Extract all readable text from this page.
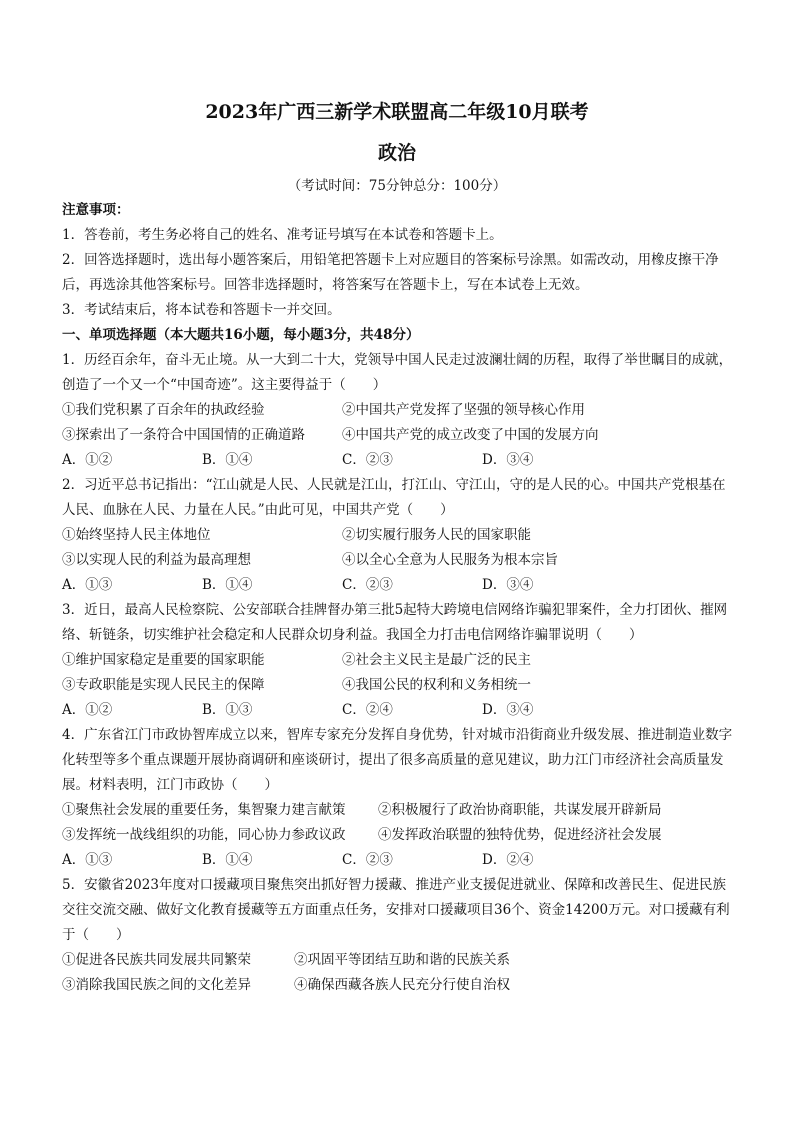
2023年广西三新学术联盟高二年级10月联考
政治
（考试时间：75分钟总分：100分）

注意事项：

1．答卷前，考生务必将自己的姓名、准考证号填写在本试卷和答题卡上。

2．回答选择题时，选出每小题答案后，用铅笔把答题卡上对应题目的答案标号涂黑。如需改动，用橡皮擦干净后，再选涂其他答案标号。回答非选择题时，将答案写在答题卡上，写在本试卷上无效。

3．考试结束后，将本试卷和答题卡一并交回。

一、单项选择题（本大题共16小题，每小题3分，共48分）

1．历经百余年，奋斗无止境。从一大到二十大，党领导中国人民走过波澜壮阔的历程，取得了举世瞩目的成就，创造了一个又一个“中国奇迹”。这主要得益于（　　）

①我们党积累了百余年的执政经验	②中国共产党发挥了坚强的领导核心作用
③探索出了一条符合中国国情的正确道路	④中国共产党的成立改变了中国的发展方向
A．①②	B．①④	C．②③	D．③④

2．习近平总书记指出：“江山就是人民、人民就是江山，打江山、守江山，守的是人民的心。中国共产党根基在人民、血脉在人民、力量在人民。”由此可见，中国共产党（　　）

①始终坚持人民主体地位	②切实履行服务人民的国家职能
③以实现人民的利益为最高理想	④以全心全意为人民服务为根本宗旨
A．①③	B．①④	C．②③	D．③④

3．近日，最高人民检察院、公安部联合挂牌督办第三批5起特大跨境电信网络诈骗犯罪案件，全力打团伙、摧网络、斩链条，切实维护社会稳定和人民群众切身利益。我国全力打击电信网络诈骗罪说明（　　）

①维护国家稳定是重要的国家职能	②社会主义民主是最广泛的民主
③专政职能是实现人民民主的保障	④我国公民的权利和义务相统一
A．①②	B．①③	C．②④	D．③④

4．广东省江门市政协智库成立以来，智库专家充分发挥自身优势，针对城市沿街商业升级发展、推进制造业数字化转型等多个重点课题开展协商调研和座谈研讨，提出了很多高质量的意见建议，助力江门市经济社会高质量发展。材料表明，江门市政协（　　）

①聚焦社会发展的重要任务，集智聚力建言献策	②积极履行了政治协商职能，共谋发展开辟新局
③发挥统一战线组织的功能，同心协力参政议政	④发挥政治联盟的独特优势，促进经济社会发展
A．①③	B．①④	C．②③	D．②④

5．安徽省2023年度对口援藏项目聚焦突出抓好智力援藏、推进产业支援促进就业、保障和改善民生、促进民族交往交流交融、做好文化教育援藏等五方面重点任务，安排对口援藏项目36个、资金14200万元。对口援藏有利于（　　）

①促进各民族共同发展共同繁荣	②巩固平等团结互助和谐的民族关系
③消除我国民族之间的文化差异	④确保西藏各族人民充分行使自治权
